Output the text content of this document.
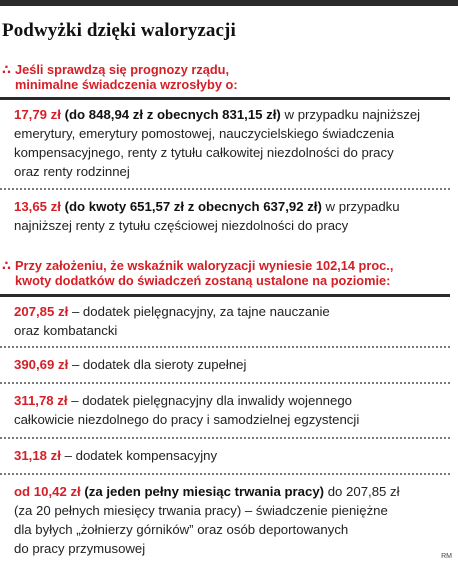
Podwyżki dzięki waloryzacji
∴ Jeśli sprawdzą się prognozy rządu,
minimalne świadczenia wzrosłyby o:
17,79 zł (do 848,94 zł z obecnych 831,15 zł) w przypadku najniższej
emerytury, emerytury pomostowej, nauczycielskiego świadczenia
kompensacyjnego, renty z tytułu całkowitej niezdolności do pracy
oraz renty rodzinnej
13,65 zł (do kwoty 651,57 zł z obecnych 637,92 zł) w przypadku
najniższej renty z tytułu częściowej niezdolności do pracy
∴ Przy założeniu, że wskaźnik waloryzacji wyniesie 102,14 proc.,
kwoty dodatków do świadczeń zostaną ustalone na poziomie:
207,85 zł – dodatek pielęgnacyjny, za tajne nauczanie
oraz kombatancki
390,69 zł – dodatek dla sieroty zupełnej
311,78 zł – dodatek pielęgnacyjny dla inwalidy wojennego
całkowicie niezdolnego do pracy i samodzielnej egzystencji
31,18 zł – dodatek kompensacyjny
od 10,42 zł (za jeden pełny miesiąc trwania pracy) do 207,85 zł
(za 20 pełnych miesięcy trwania pracy) – świadczenie pieniężne
dla byłych „żołnierzy górników” oraz osób deportowanych
do pracy przymusowej
RM
